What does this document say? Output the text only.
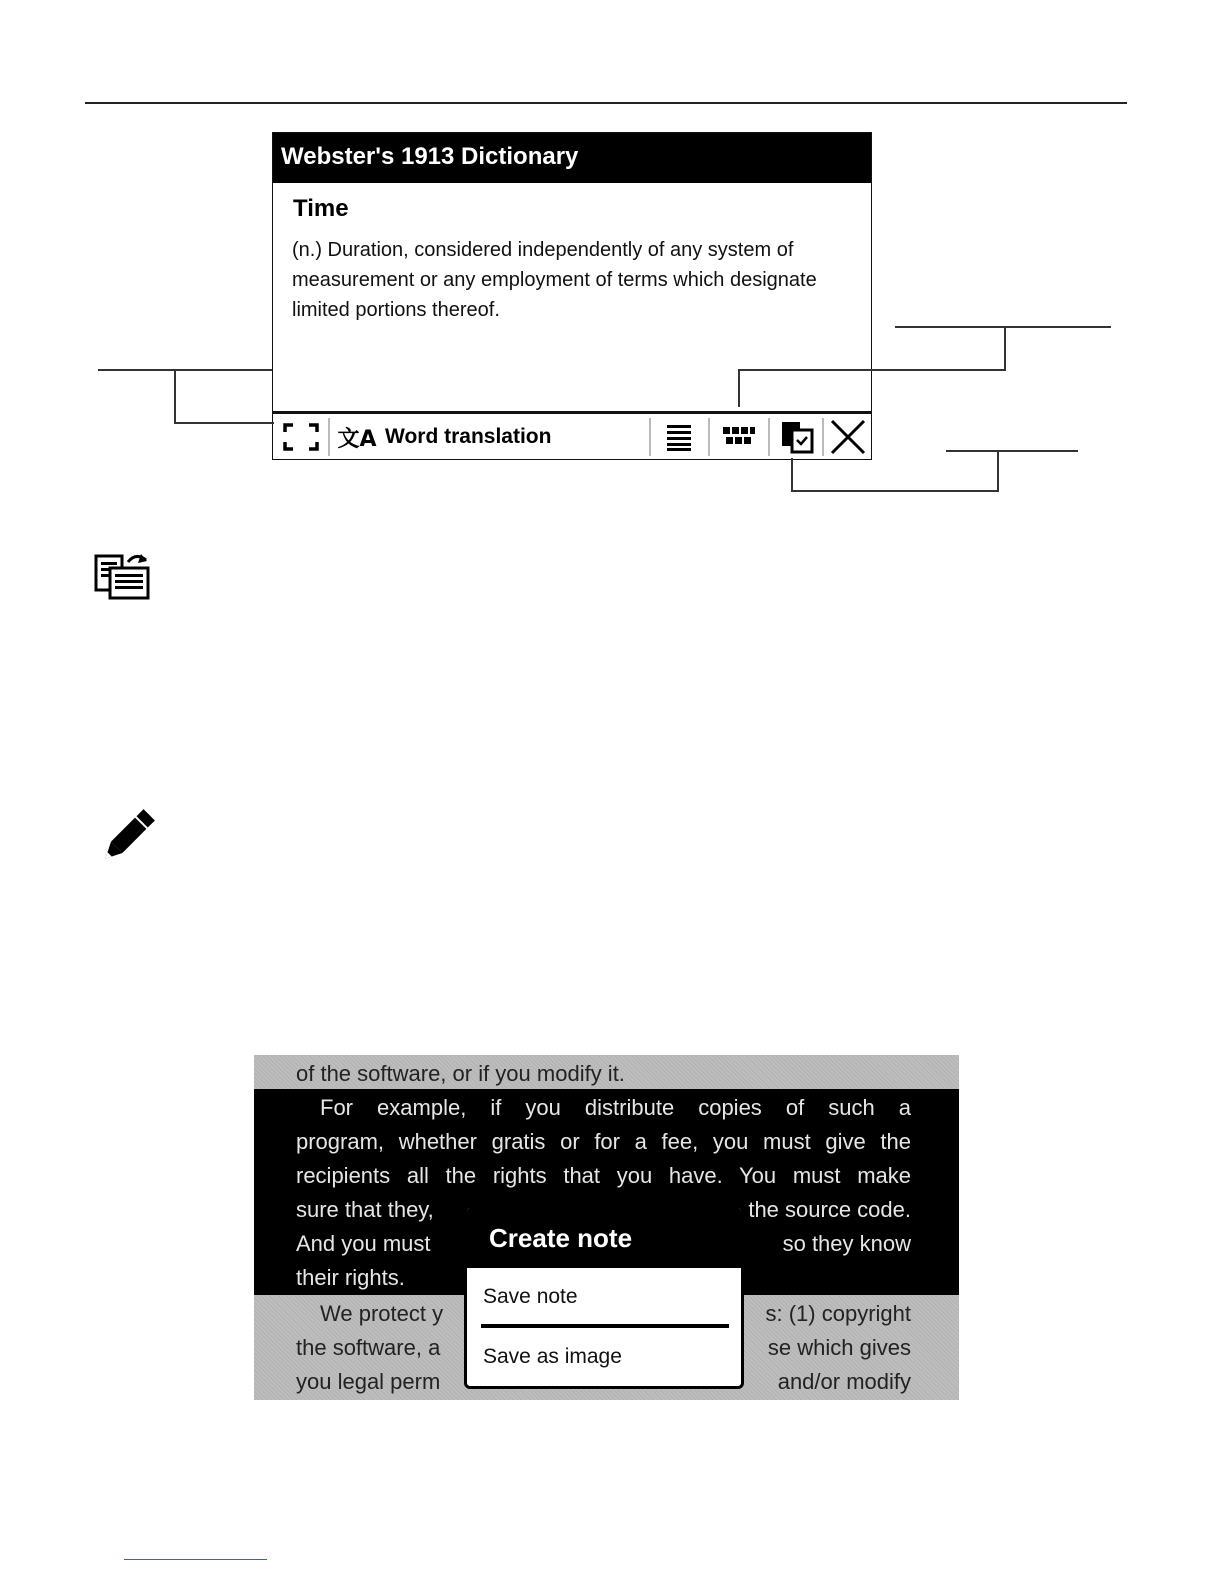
Webster's 1913 Dictionary
Time
(n.) Duration, considered independently of any system of measurement or any employment of terms which designate limited portions thereof.
文A Word translation
of the software, or if you modify it.
For example, if you distribute copies of such a
program, whether gratis or for a fee, you must give the
recipients all the rights that you have. You must make
sure that they,	the source code.
And you must	so they know
their rights.
We protect y	s: (1) copyright
the software, a	se which gives
you legal perm	and/or modify
Create note
Save note
Save as image
